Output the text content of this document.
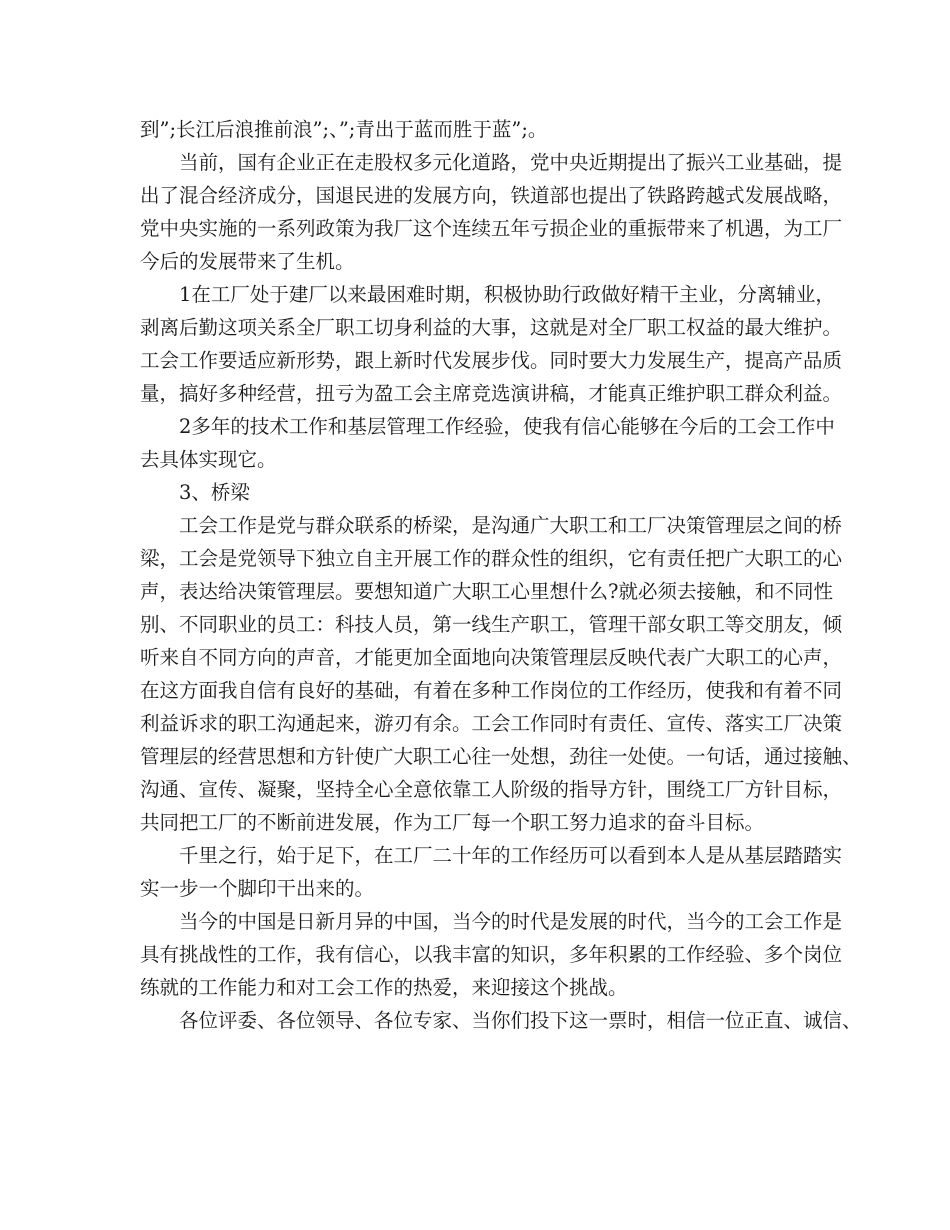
到”;长江后浪推前浪”;、”;青出于蓝而胜于蓝”;。
当前，国有企业正在走股权多元化道路，党中央近期提出了振兴工业基础，提
出了混合经济成分，国退民进的发展方向，铁道部也提出了铁路跨越式发展战略，
党中央实施的一系列政策为我厂这个连续五年亏损企业的重振带来了机遇，为工厂
今后的发展带来了生机。
1在工厂处于建厂以来最困难时期，积极协助行政做好精干主业，分离辅业，
剥离后勤这项关系全厂职工切身利益的大事，这就是对全厂职工权益的最大维护。
工会工作要适应新形势，跟上新时代发展步伐。同时要大力发展生产，提高产品质
量，搞好多种经营，扭亏为盈工会主席竞选演讲稿，才能真正维护职工群众利益。
2多年的技术工作和基层管理工作经验，使我有信心能够在今后的工会工作中
去具体实现它。
3、桥梁
工会工作是党与群众联系的桥梁，是沟通广大职工和工厂决策管理层之间的桥
梁，工会是党领导下独立自主开展工作的群众性的组织，它有责任把广大职工的心
声，表达给决策管理层。要想知道广大职工心里想什么?就必须去接触，和不同性
别、不同职业的员工：科技人员，第一线生产职工，管理干部女职工等交朋友，倾
听来自不同方向的声音，才能更加全面地向决策管理层反映代表广大职工的心声，
在这方面我自信有良好的基础，有着在多种工作岗位的工作经历，使我和有着不同
利益诉求的职工沟通起来，游刃有余。工会工作同时有责任、宣传、落实工厂决策
管理层的经营思想和方针使广大职工心往一处想，劲往一处使。一句话，通过接触、
沟通、宣传、凝聚，坚持全心全意依靠工人阶级的指导方针，围绕工厂方针目标，
共同把工厂的不断前进发展，作为工厂每一个职工努力追求的奋斗目标。
千里之行，始于足下，在工厂二十年的工作经历可以看到本人是从基层踏踏实
实一步一个脚印干出来的。
当今的中国是日新月异的中国，当今的时代是发展的时代，当今的工会工作是
具有挑战性的工作，我有信心，以我丰富的知识，多年积累的工作经验、多个岗位
练就的工作能力和对工会工作的热爱，来迎接这个挑战。
各位评委、各位领导、各位专家、当你们投下这一票时，相信一位正直、诚信、
